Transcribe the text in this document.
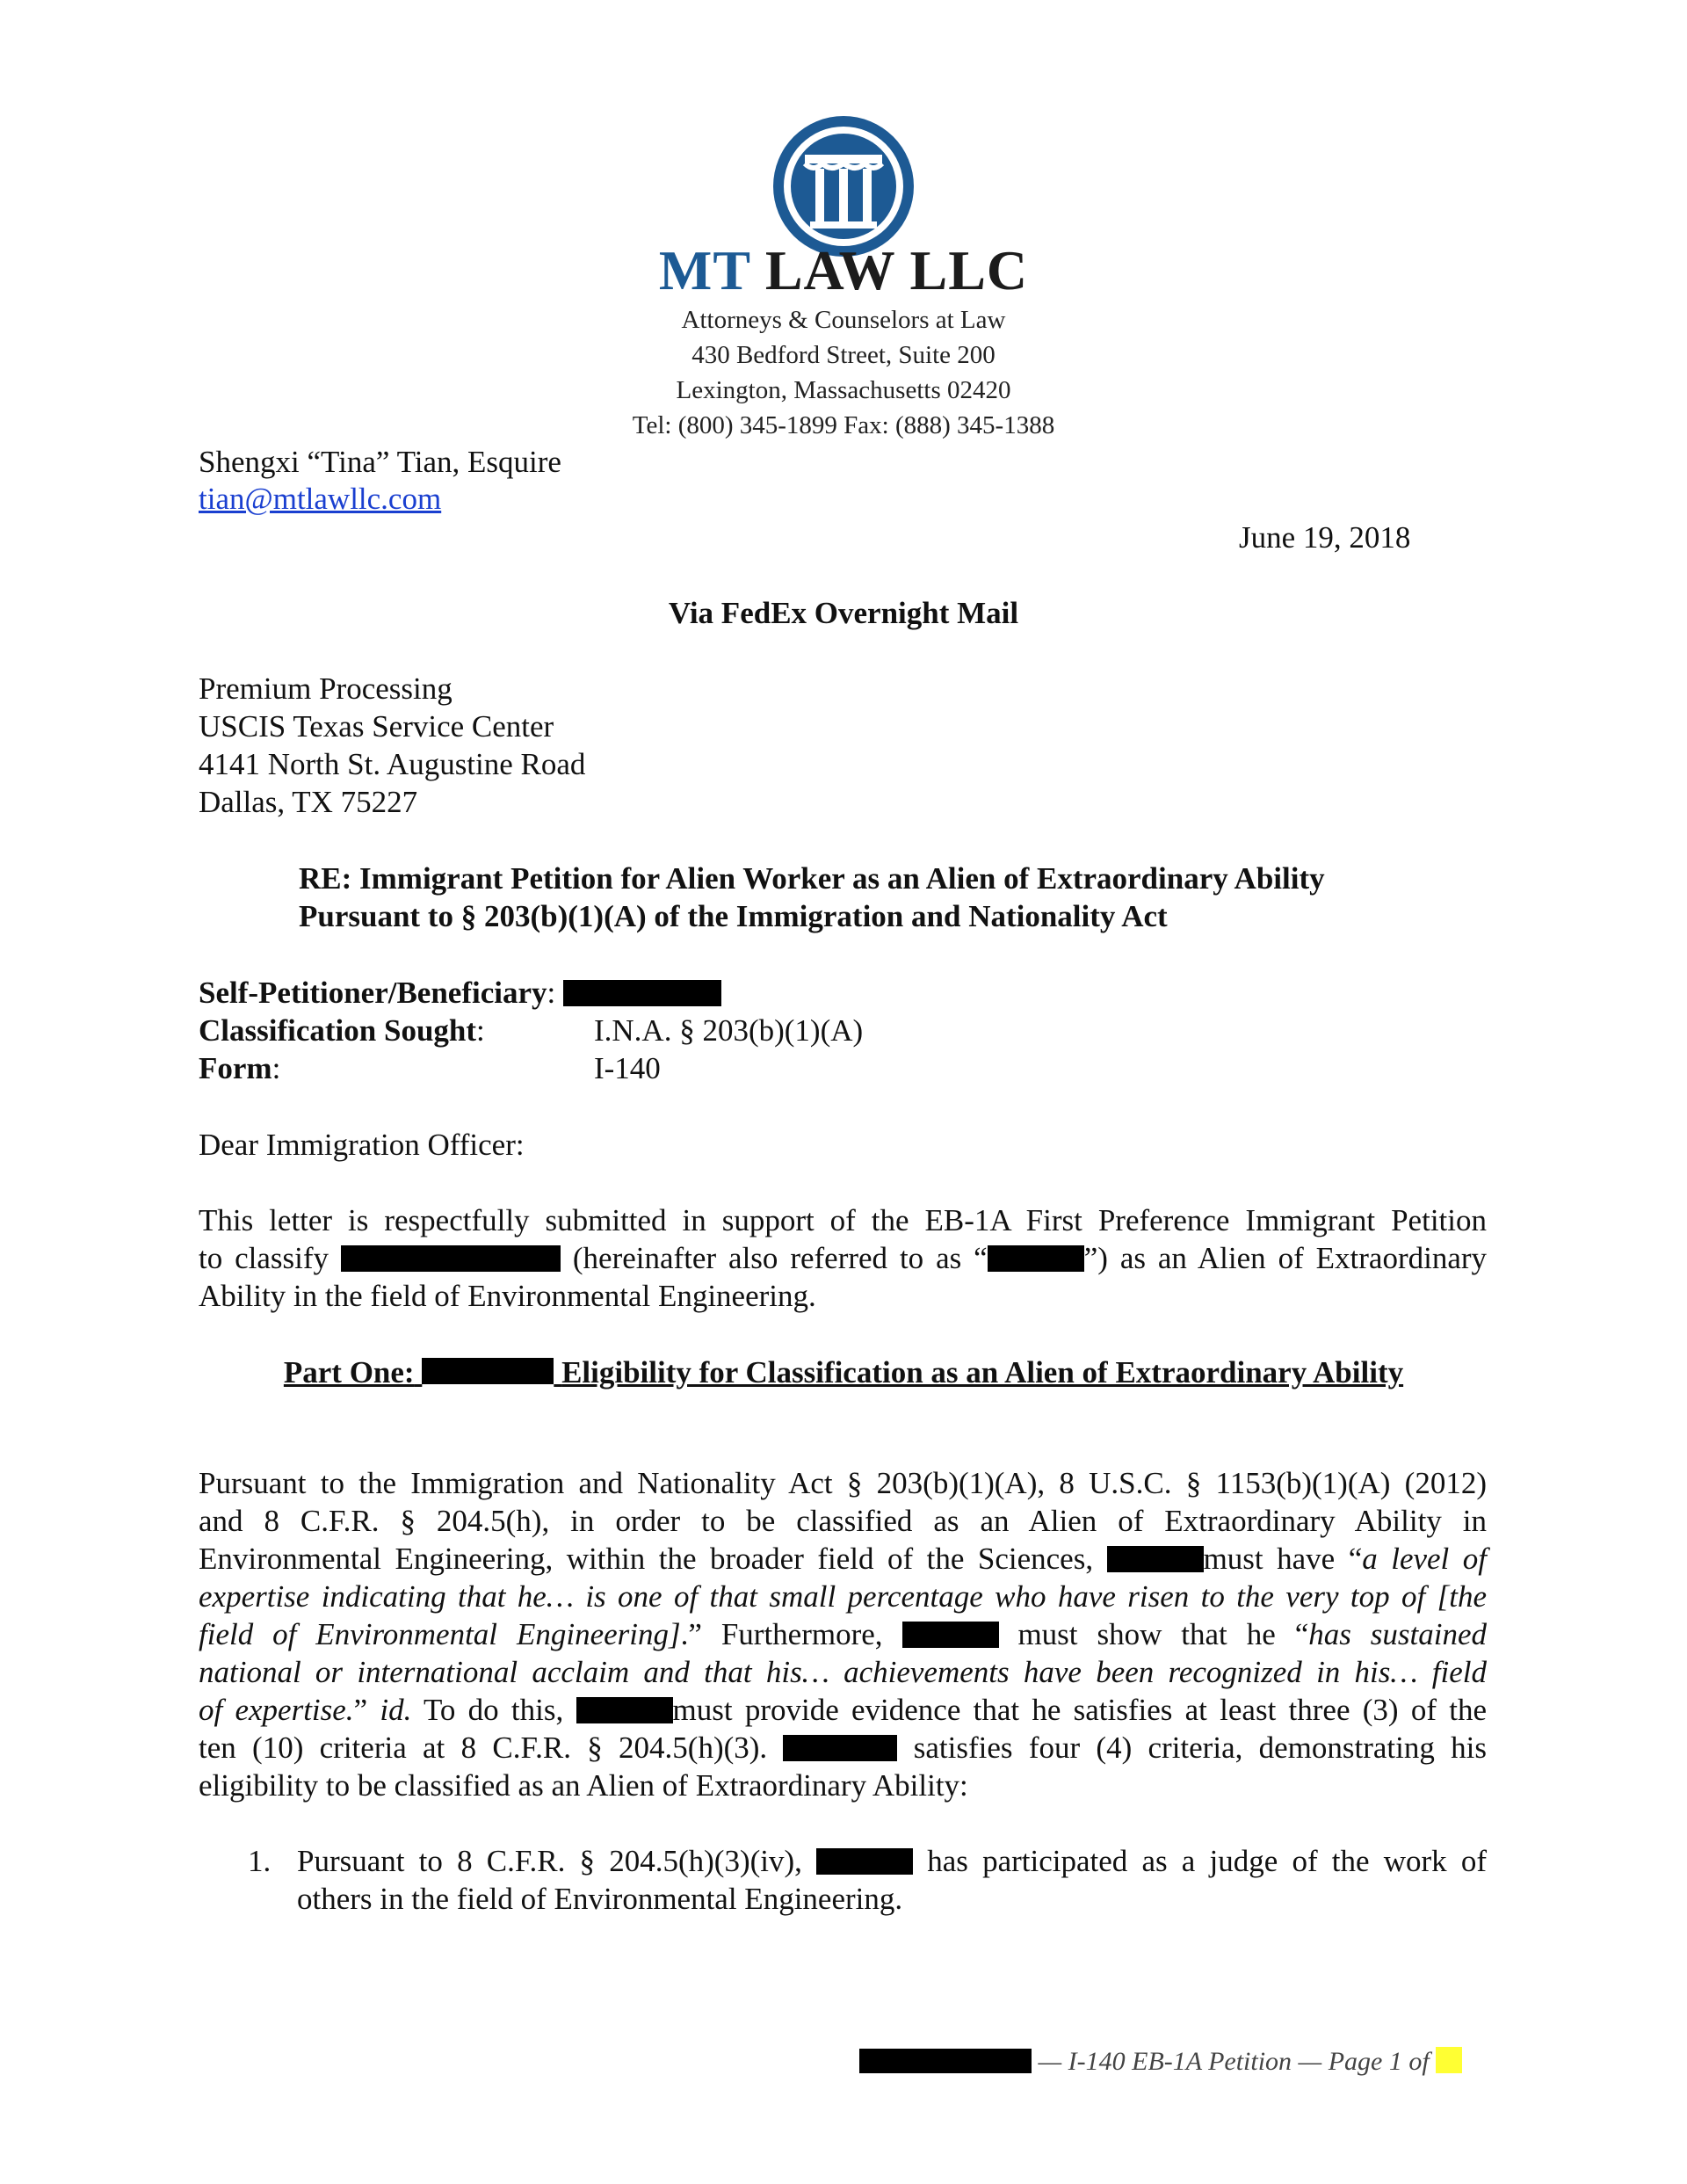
MT LAW LLC
Attorneys & Counselors at Law
430 Bedford Street, Suite 200
Lexington, Massachusetts 02420
Tel: (800) 345-1899 Fax: (888) 345-1388
Shengxi “Tina” Tian, Esquire
tian@mtlawllc.com
June 19, 2018
Via FedEx Overnight Mail
Premium Processing
USCIS Texas Service Center
4141 North St. Augustine Road
Dallas, TX 75227
RE: Immigrant Petition for Alien Worker as an Alien of Extraordinary Ability
Pursuant to § 203(b)(1)(A) of the Immigration and Nationality Act
Self-Petitioner/Beneficiary:
Classification Sought:	I.N.A. § 203(b)(1)(A)
Form:	I-140
Dear Immigration Officer:
This letter is respectfully submitted in support of the EB-1A First Preference Immigrant Petition
to classify	(hereinafter also referred to as “	”) as an Alien of Extraordinary
Ability in the field of Environmental Engineering.
Part One:	Eligibility for Classification as an Alien of Extraordinary Ability
Pursuant to the Immigration and Nationality Act § 203(b)(1)(A), 8 U.S.C. § 1153(b)(1)(A) (2012)
and 8 C.F.R. § 204.5(h), in order to be classified as an Alien of Extraordinary Ability in
Environmental Engineering, within the broader field of the Sciences,	must have “a level of
expertise indicating that he… is one of that small percentage who have risen to the very top of [the
field of Environmental Engineering].” Furthermore,	must show that he “has sustained
national or international acclaim and that his… achievements have been recognized in his… field
of expertise.” id. To do this,	must provide evidence that he satisfies at least three (3) of the
ten (10) criteria at 8 C.F.R. § 204.5(h)(3).	satisfies four (4) criteria, demonstrating his
eligibility to be classified as an Alien of Extraordinary Ability:
1. Pursuant to 8 C.F.R. § 204.5(h)(3)(iv),	has participated as a judge of the work of
others in the field of Environmental Engineering.
— I-140 EB-1A Petition — Page 1 of
